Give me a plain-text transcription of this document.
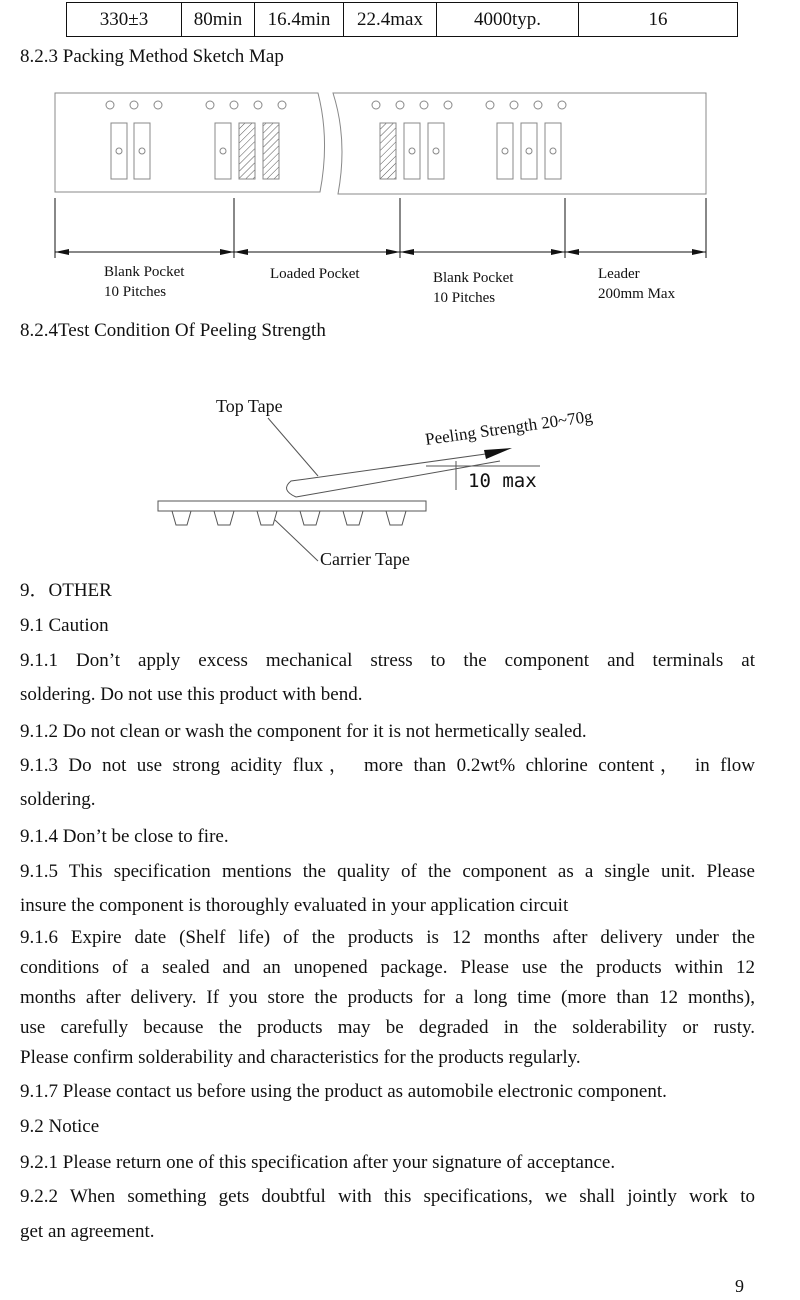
330±3	80min	16.4min	22.4max	4000typ.	16

8.2.3 Packing Method Sketch Map

Blank Pocket
10 Pitches
Loaded Pocket	Blank Pocket
10 Pitches
Leader
200mm Max

8.2.4Test Condition Of Peeling Strength

Top Tape
Peeling Strength 20~70g
10 max
Carrier Tape

9．OTHER

9.1 Caution

9.1.1 Don’t apply excess mechanical stress to the component and terminals at
soldering. Do not use this product with bend.

9.1.2 Do not clean or wash the component for it is not hermetically sealed.

9.1.3 Do not use strong acidity flux， more than 0.2wt% chlorine content， in flow
soldering.

9.1.4 Don’t be close to fire.

9.1.5 This specification mentions the quality of the component as a single unit. Please
insure the component is thoroughly evaluated in your application circuit
9.1.6 Expire date (Shelf life) of the products is 12 months after delivery under the
conditions of a sealed and an unopened package. Please use the products within 12
months after delivery. If you store the products for a long time (more than 12 months),
use carefully because the products may be degraded in the solderability or rusty.
Please confirm solderability and characteristics for the products regularly.

9.1.7 Please contact us before using the product as automobile electronic component.

9.2 Notice

9.2.1 Please return one of this specification after your signature of acceptance.

9.2.2 When something gets doubtful with this specifications, we shall jointly work to
get an agreement.
9
